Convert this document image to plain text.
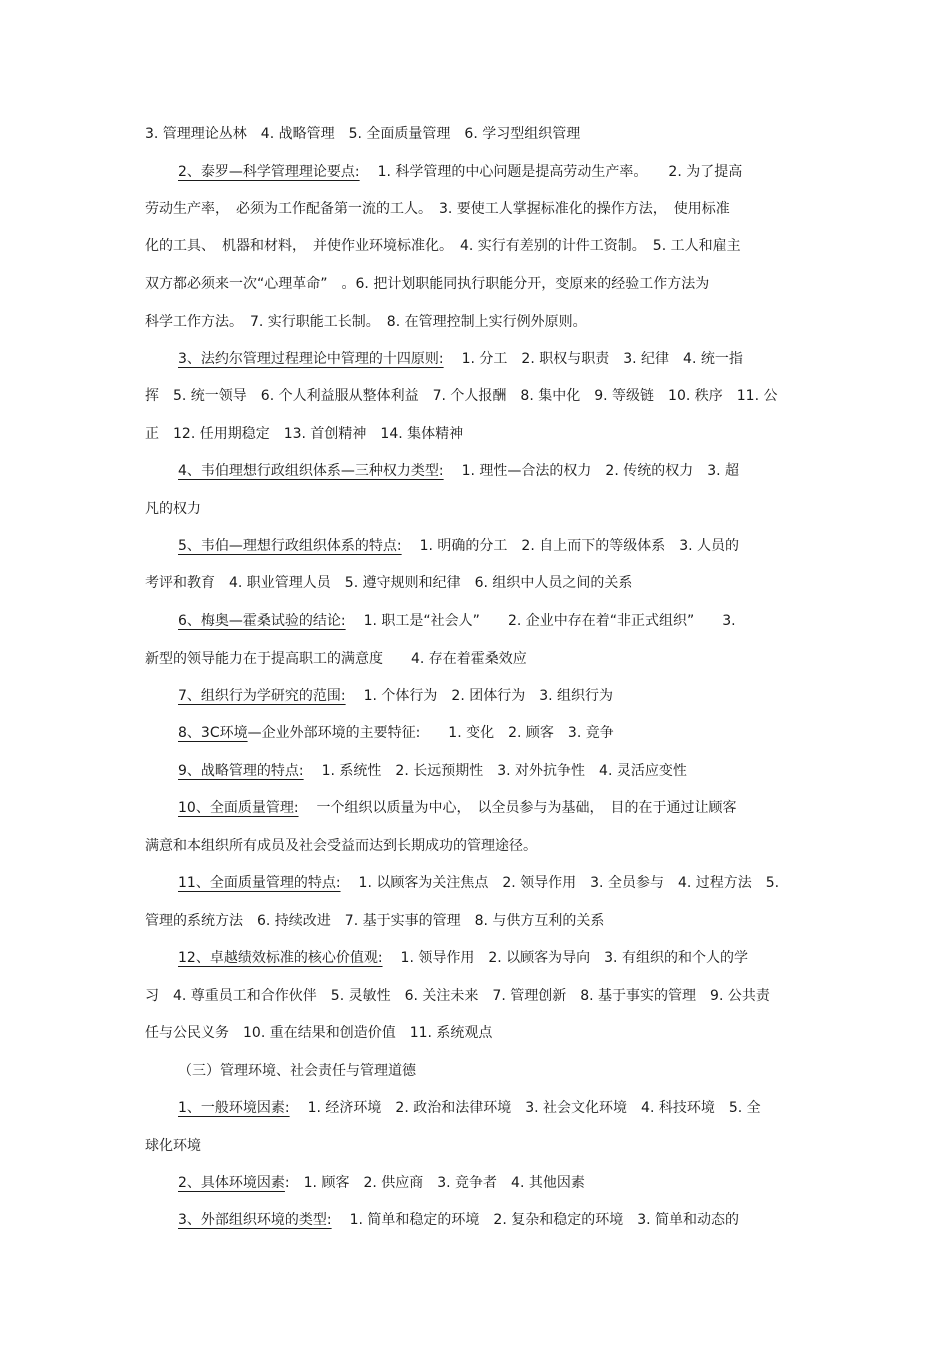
3. 管理理论丛林　4. 战略管理　5. 全面质量管理　6. 学习型组织管理
2、泰罗—科学管理理论要点: 1. 科学管理的中心问题是提高劳动生产率。　　2. 为了提高
劳动生产率，　必须为工作配备第一流的工人。　3. 要使工人掌握标准化的操作方法，　使用标准
化的工具、　机器和材料，　并使作业环境标准化。　4. 实行有差别的计件工资制。　5. 工人和雇主
双方都必须来一次“心理革命”　。6. 把计划职能同执行职能分开，变原来的经验工作方法为
科学工作方法。　7. 实行职能工长制。　8. 在管理控制上实行例外原则。
3、法约尔管理过程理论中管理的十四原则: 1. 分工　2. 职权与职责　3. 纪律　4. 统一指
挥　5. 统一领导　6. 个人利益服从整体利益　7. 个人报酬　8. 集中化　9. 等级链　10. 秩序　11. 公
正　12. 任用期稳定　13. 首创精神　14. 集体精神
4、韦伯理想行政组织体系—三种权力类型: 1. 理性—合法的权力　2. 传统的权力　3. 超
凡的权力
5、韦伯—理想行政组织体系的特点: 1. 明确的分工　2. 自上而下的等级体系　3. 人员的
考评和教育　4. 职业管理人员　5. 遵守规则和纪律　6. 组织中人员之间的关系
6、梅奥—霍桑试验的结论: 1. 职工是“社会人”　　2. 企业中存在着“非正式组织”　　3.
新型的领导能力在于提高职工的满意度　　4. 存在着霍桑效应
7、组织行为学研究的范围: 1. 个体行为　2. 团体行为　3. 组织行为
8、3C环境—企业外部环境的主要特征:　　1. 变化　2. 顾客　3. 竞争
9、战略管理的特点: 1. 系统性　2. 长远预期性　3. 对外抗争性　4. 灵活应变性
10、全面质量管理: 一个组织以质量为中心，　以全员参与为基础，　目的在于通过让顾客
满意和本组织所有成员及社会受益而达到长期成功的管理途径。
11、全面质量管理的特点: 1. 以顾客为关注焦点　2. 领导作用　3. 全员参与　4. 过程方法　5.
管理的系统方法　6. 持续改进　7. 基于实事的管理　8. 与供方互利的关系
12、卓越绩效标准的核心价值观: 1. 领导作用　2. 以顾客为导向　3. 有组织的和个人的学
习　4. 尊重员工和合作伙伴　5. 灵敏性　6. 关注未来　7. 管理创新　8. 基于事实的管理　9. 公共责
任与公民义务　10. 重在结果和创造价值　11. 系统观点
（三）管理环境、社会责任与管理道德
1、一般环境因素: 1. 经济环境　2. 政治和法律环境　3. 社会文化环境　4. 科技环境　5. 全
球化环境
2、具体环境因素:　1. 顾客　2. 供应商　3. 竞争者　4. 其他因素
3、外部组织环境的类型: 1. 简单和稳定的环境　2. 复杂和稳定的环境　3. 简单和动态的
